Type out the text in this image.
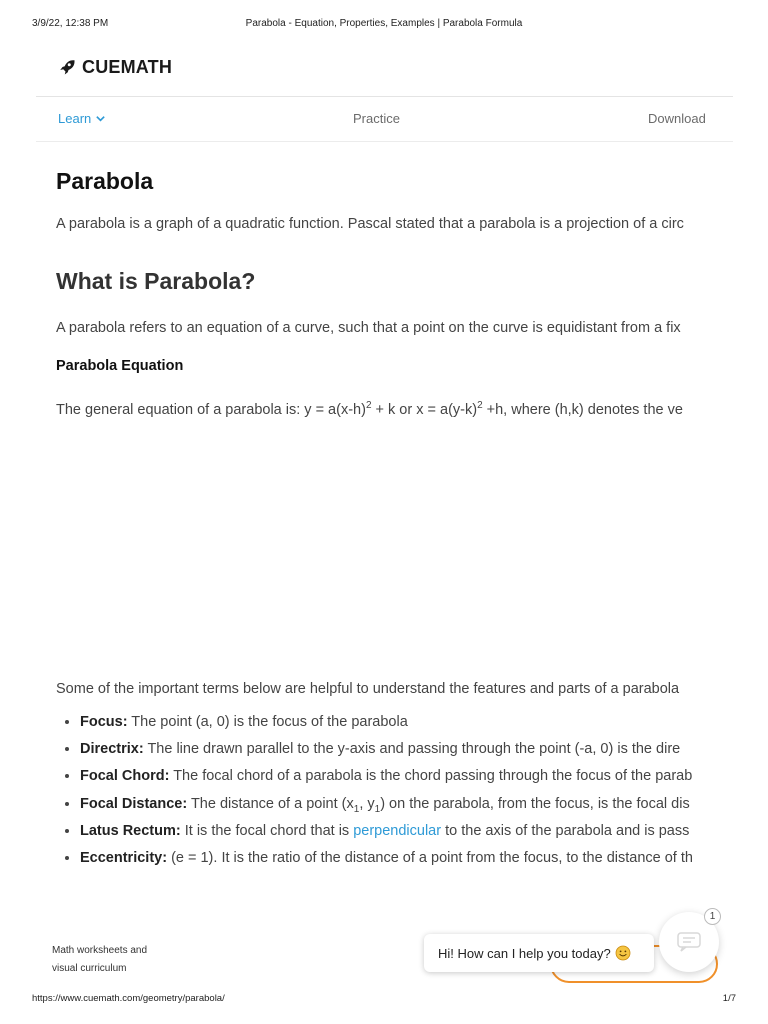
3/9/22, 12:38 PM	Parabola - Equation, Properties, Examples | Parabola Formula
CUEMATH
Learn	Practice	Download
Parabola
A parabola is a graph of a quadratic function. Pascal stated that a parabola is a projection of a circ
What is Parabola?
A parabola refers to an equation of a curve, such that a point on the curve is equidistant from a fix
Parabola Equation
The general equation of a parabola is: $y = a(x-h)^2 + k$ or $x = a(y-k)^2 +h$, where (h,k) denotes the ve
Some of the important terms below are helpful to understand the features and parts of a parabola
• Focus: The point (a, 0) is the focus of the parabola
• Directrix: The line drawn parallel to the y-axis and passing through the point (-a, 0) is the dire
• Focal Chord: The focal chord of a parabola is the chord passing through the focus of the parab
• Focal Distance: The distance of a point ($x_1$, $y_1$) on the parabola, from the focus, is the focal dis
• Latus Rectum: It is the focal chord that is perpendicular to the axis of the parabola and is pass
• Eccentricity: (e = 1). It is the ratio of the distance of a point from the focus, to the distance of th
Math worksheets and
visual curriculum
Hi! How can I help you today?
1
https://www.cuemath.com/geometry/parabola/	1/7
